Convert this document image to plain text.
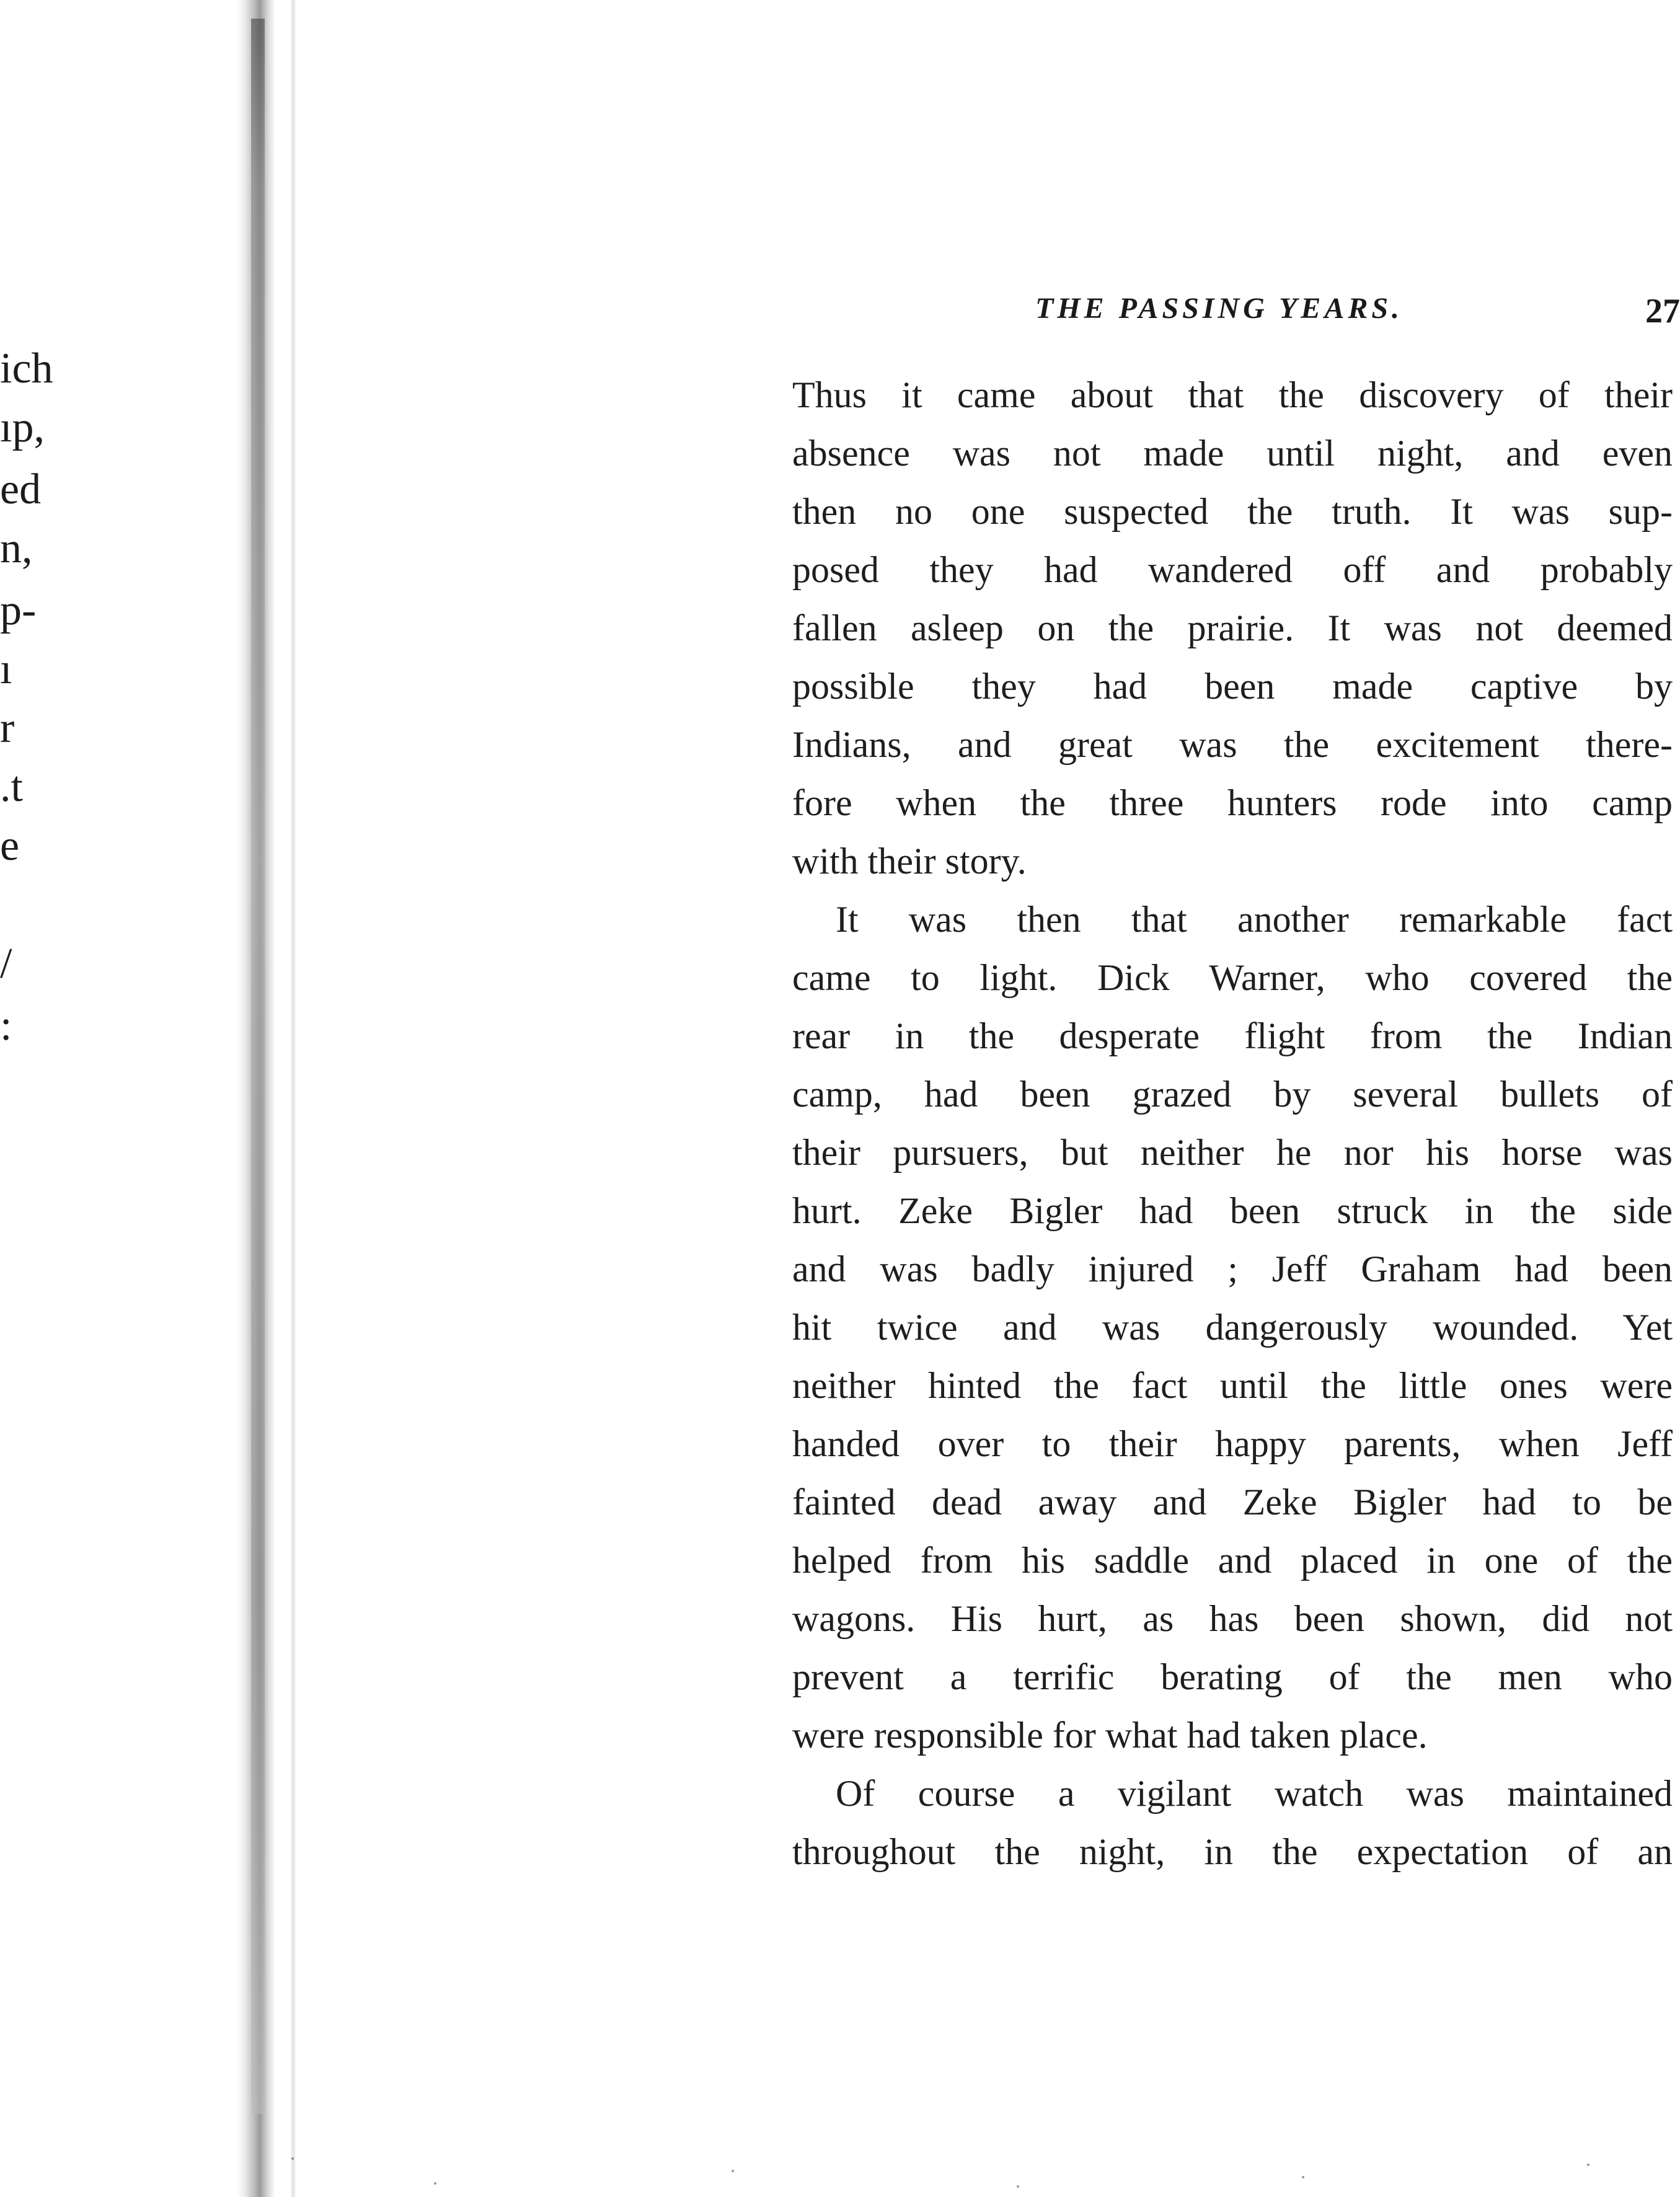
ich
ıp,
ed
n,
p-
ı
r
.t
e
/
:
THE PASSING YEARS.	27
Thus it came about that the discovery of their
absence was not made until night, and even
then no one suspected the truth. It was sup-
posed they had wandered off and probably
fallen asleep on the prairie. It was not deemed
possible they had been made captive by
Indians, and great was the excitement there-
fore when the three hunters rode into camp
with their story.
It was then that another remarkable fact
came to light. Dick Warner, who covered the
rear in the desperate flight from the Indian
camp, had been grazed by several bullets of
their pursuers, but neither he nor his horse was
hurt. Zeke Bigler had been struck in the side
and was badly injured ; Jeff Graham had been
hit twice and was dangerously wounded. Yet
neither hinted the fact until the little ones were
handed over to their happy parents, when Jeff
fainted dead away and Zeke Bigler had to be
helped from his saddle and placed in one of the
wagons. His hurt, as has been shown, did not
prevent a terrific berating of the men who
were responsible for what had taken place.
Of course a vigilant watch was maintained
throughout the night, in the expectation of an
